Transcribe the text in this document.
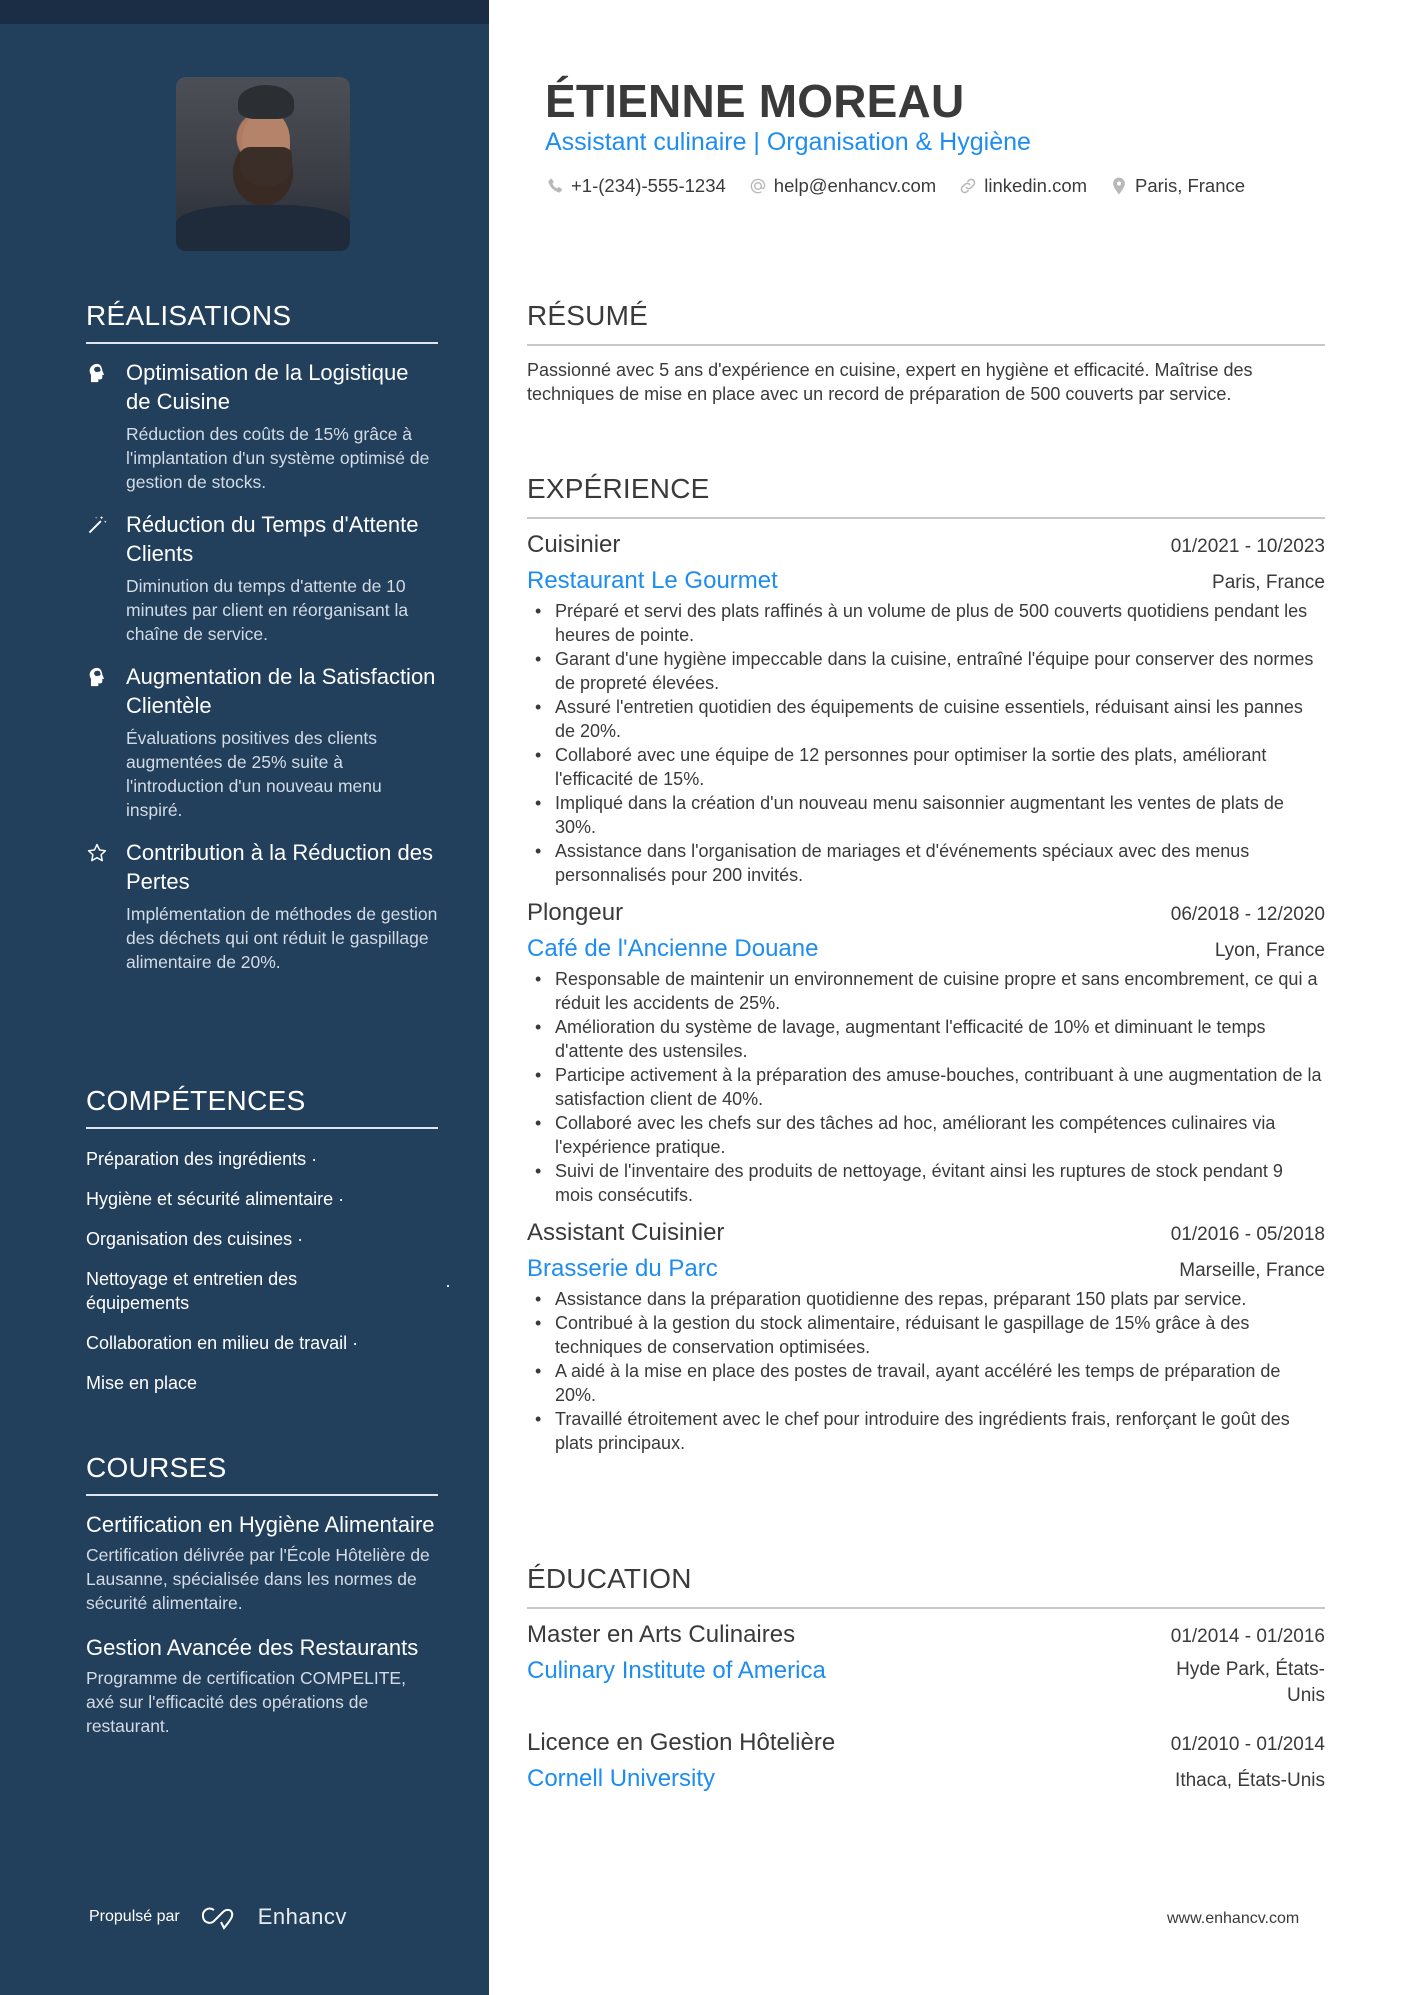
RÉALISATIONS
Optimisation de la Logistique de Cuisine
Réduction des coûts de 15% grâce à l'implantation d'un système optimisé de gestion de stocks.
Réduction du Temps d'Attente Clients
Diminution du temps d'attente de 10 minutes par client en réorganisant la chaîne de service.
Augmentation de la Satisfaction Clientèle
Évaluations positives des clients augmentées de 25% suite à l'introduction d'un nouveau menu inspiré.
Contribution à la Réduction des Pertes
Implémentation de méthodes de gestion des déchets qui ont réduit le gaspillage alimentaire de 20%.
COMPÉTENCES
Préparation des ingrédients ·
Hygiène et sécurité alimentaire ·
Organisation des cuisines ·
Nettoyage et entretien des équipements
·
Collaboration en milieu de travail ·
Mise en place
COURSES
Certification en Hygiène Alimentaire
Certification délivrée par l'École Hôtelière de Lausanne, spécialisée dans les normes de sécurité alimentaire.
Gestion Avancée des Restaurants
Programme de certification COMPELITE, axé sur l'efficacité des opérations de restaurant.
Propulsé par	Enhancv
ÉTIENNE MOREAU
Assistant culinaire | Organisation & Hygiène
+1-(234)-555-1234	help@enhancv.com	linkedin.com	Paris, France
RÉSUMÉ
Passionné avec 5 ans d'expérience en cuisine, expert en hygiène et efficacité. Maîtrise des techniques de mise en place avec un record de préparation de 500 couverts par service.
EXPÉRIENCE
Cuisinier	01/2021 - 10/2023
Restaurant Le Gourmet	Paris, France
• Préparé et servi des plats raffinés à un volume de plus de 500 couverts quotidiens pendant les heures de pointe.
• Garant d'une hygiène impeccable dans la cuisine, entraîné l'équipe pour conserver des normes de propreté élevées.
• Assuré l'entretien quotidien des équipements de cuisine essentiels, réduisant ainsi les pannes de 20%.
• Collaboré avec une équipe de 12 personnes pour optimiser la sortie des plats, améliorant l'efficacité de 15%.
• Impliqué dans la création d'un nouveau menu saisonnier augmentant les ventes de plats de 30%.
• Assistance dans l'organisation de mariages et d'événements spéciaux avec des menus personnalisés pour 200 invités.
Plongeur	06/2018 - 12/2020
Café de l'Ancienne Douane	Lyon, France
• Responsable de maintenir un environnement de cuisine propre et sans encombrement, ce qui a réduit les accidents de 25%.
• Amélioration du système de lavage, augmentant l'efficacité de 10% et diminuant le temps d'attente des ustensiles.
• Participe activement à la préparation des amuse-bouches, contribuant à une augmentation de la satisfaction client de 40%.
• Collaboré avec les chefs sur des tâches ad hoc, améliorant les compétences culinaires via l'expérience pratique.
• Suivi de l'inventaire des produits de nettoyage, évitant ainsi les ruptures de stock pendant 9 mois consécutifs.
Assistant Cuisinier	01/2016 - 05/2018
Brasserie du Parc	Marseille, France
• Assistance dans la préparation quotidienne des repas, préparant 150 plats par service.
• Contribué à la gestion du stock alimentaire, réduisant le gaspillage de 15% grâce à des techniques de conservation optimisées.
• A aidé à la mise en place des postes de travail, ayant accéléré les temps de préparation de 20%.
• Travaillé étroitement avec le chef pour introduire des ingrédients frais, renforçant le goût des plats principaux.
ÉDUCATION
Master en Arts Culinaires	01/2014 - 01/2016
Culinary Institute of America	Hyde Park, États-Unis
Licence en Gestion Hôtelière	01/2010 - 01/2014
Cornell University	Ithaca, États-Unis
www.enhancv.com
